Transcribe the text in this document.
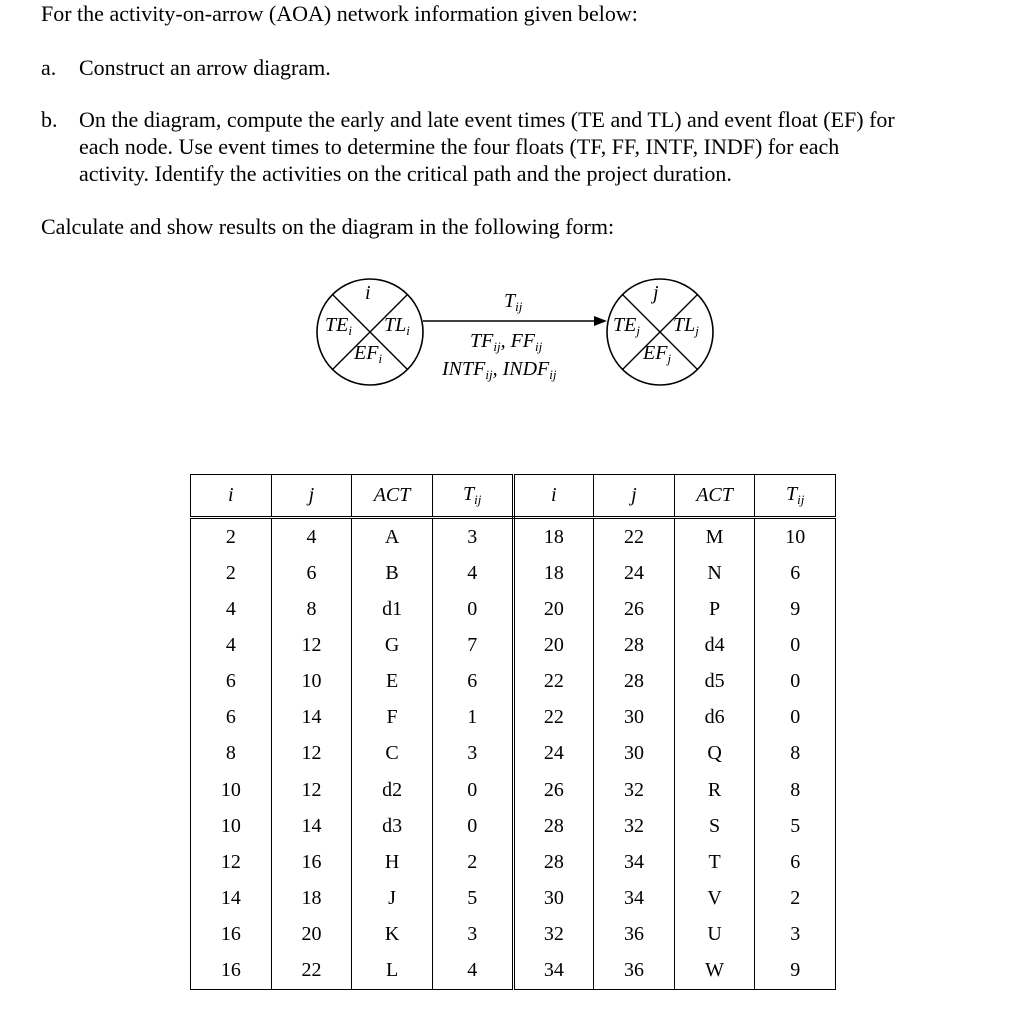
For the activity-on-arrow (AOA) network information given below:
a. Construct an arrow diagram.
b. On the diagram, compute the early and late event times (TE and TL) and event float (EF) for
each node. Use event times to determine the four floats (TF, FF, INTF, INDF) for each
activity. Identify the activities on the critical path and the project duration.
Calculate and show results on the diagram in the following form:
i
$TE_i$ $TL_i$
$EF_i$
j
$TE_j$ $TL_j$
$EF_j$
$T_{ij}$
$TF_{ij}$, $FF_{ij}$
$INTF_{ij}$, $INDF_{ij}$
i	j	ACT	$T_{ij}$	i	j	ACT	$T_{ij}$
2	4	A	3	18	22	M	10
2	6	B	4	18	24	N	6
4	8	d1	0	20	26	P	9
4	12	G	7	20	28	d4	0
6	10	E	6	22	28	d5	0
6	14	F	1	22	30	d6	0
8	12	C	3	24	30	Q	8
10	12	d2	0	26	32	R	8
10	14	d3	0	28	32	S	5
12	16	H	2	28	34	T	6
14	18	J	5	30	34	V	2
16	20	K	3	32	36	U	3
16	22	L	4	34	36	W	9
